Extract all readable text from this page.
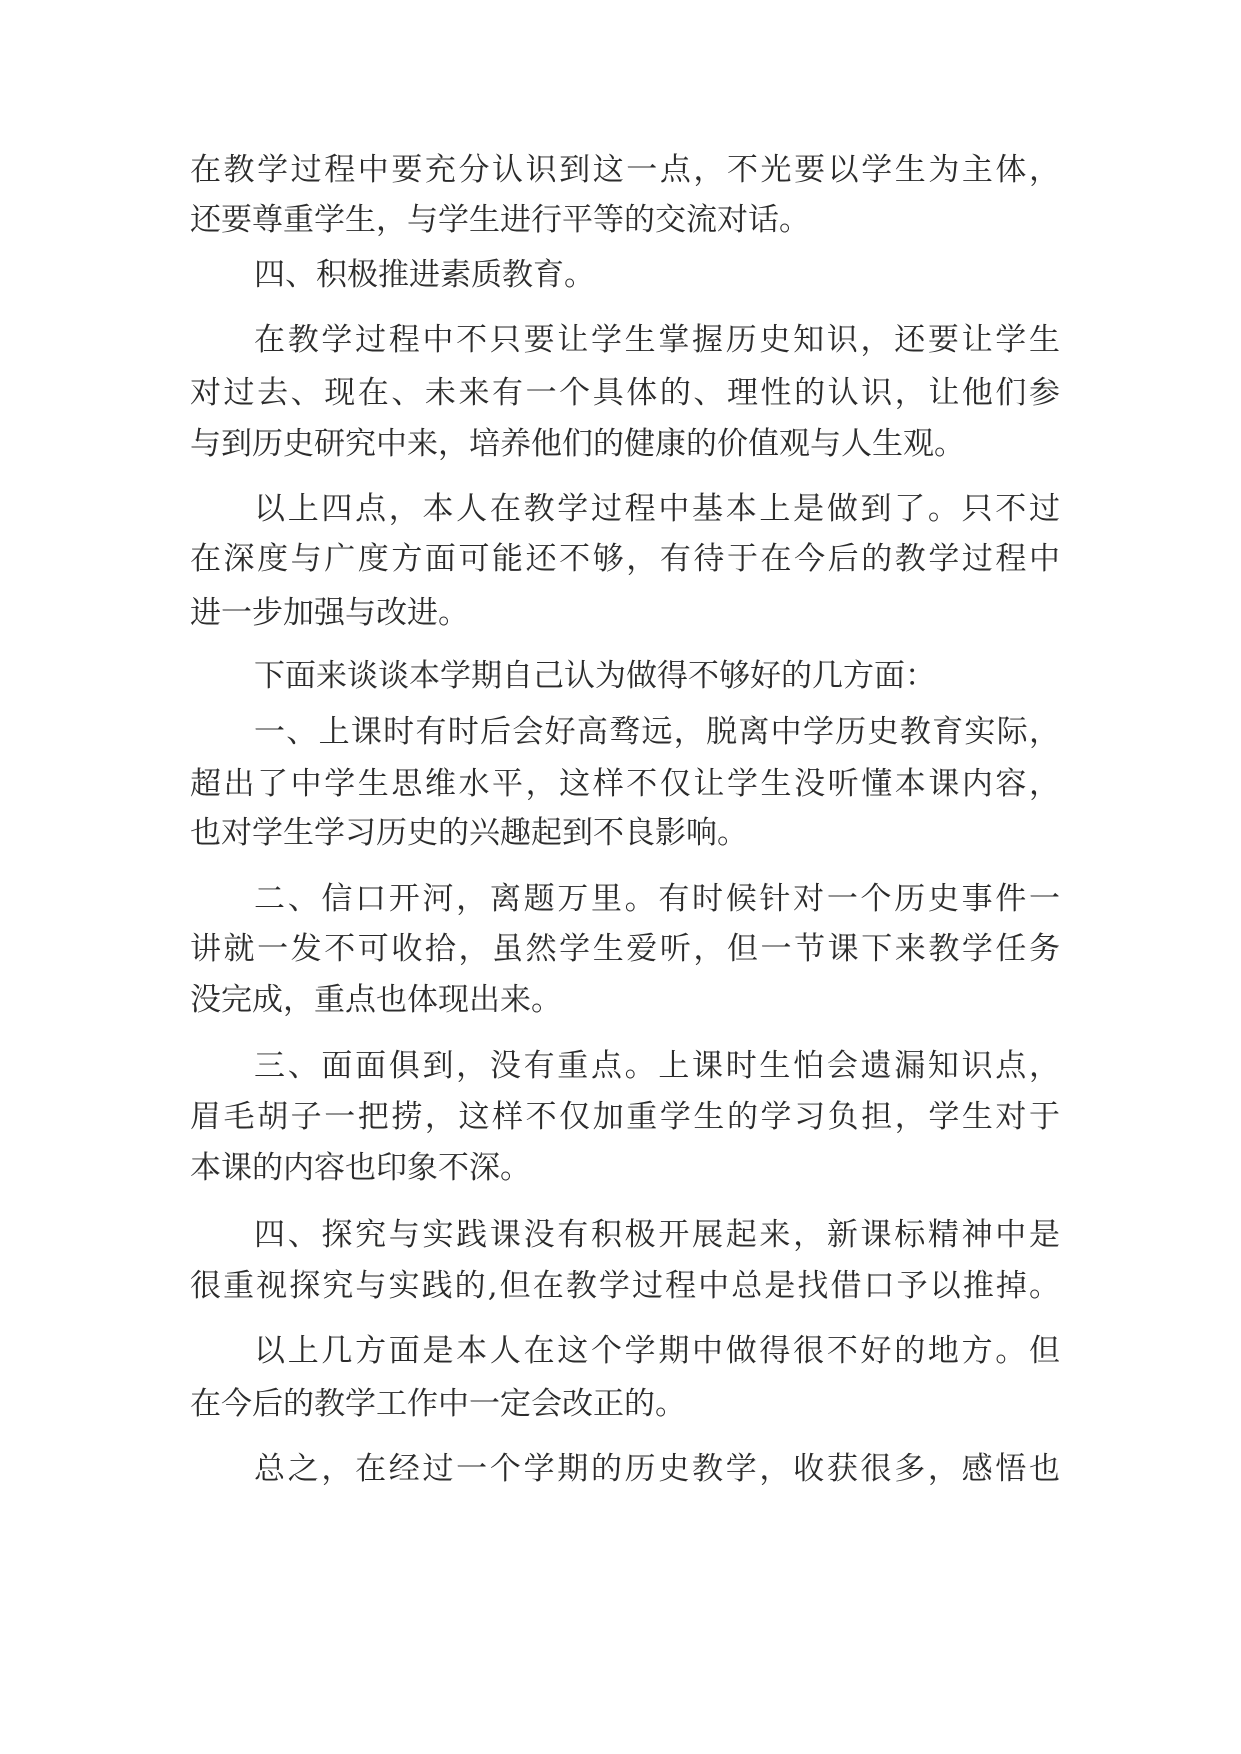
在教学过程中要充分认识到这一点，不光要以学生为主体，
还要尊重学生，与学生进行平等的交流对话。
四、积极推进素质教育。
在教学过程中不只要让学生掌握历史知识，还要让学生
对过去、现在、未来有一个具体的、理性的认识，让他们参
与到历史研究中来，培养他们的健康的价值观与人生观。
以上四点，本人在教学过程中基本上是做到了。只不过
在深度与广度方面可能还不够，有待于在今后的教学过程中
进一步加强与改进。
下面来谈谈本学期自己认为做得不够好的几方面：
一、上课时有时后会好高骛远，脱离中学历史教育实际，
超出了中学生思维水平，这样不仅让学生没听懂本课内容，
也对学生学习历史的兴趣起到不良影响。
二、信口开河，离题万里。有时候针对一个历史事件一
讲就一发不可收拾，虽然学生爱听，但一节课下来教学任务
没完成，重点也体现出来。
三、面面俱到，没有重点。上课时生怕会遗漏知识点，
眉毛胡子一把捞，这样不仅加重学生的学习负担，学生对于
本课的内容也印象不深。
四、探究与实践课没有积极开展起来，新课标精神中是
很重视探究与实践的,但在教学过程中总是找借口予以推掉。
以上几方面是本人在这个学期中做得很不好的地方。但
在今后的教学工作中一定会改正的。
总之，在经过一个学期的历史教学，收获很多，感悟也
